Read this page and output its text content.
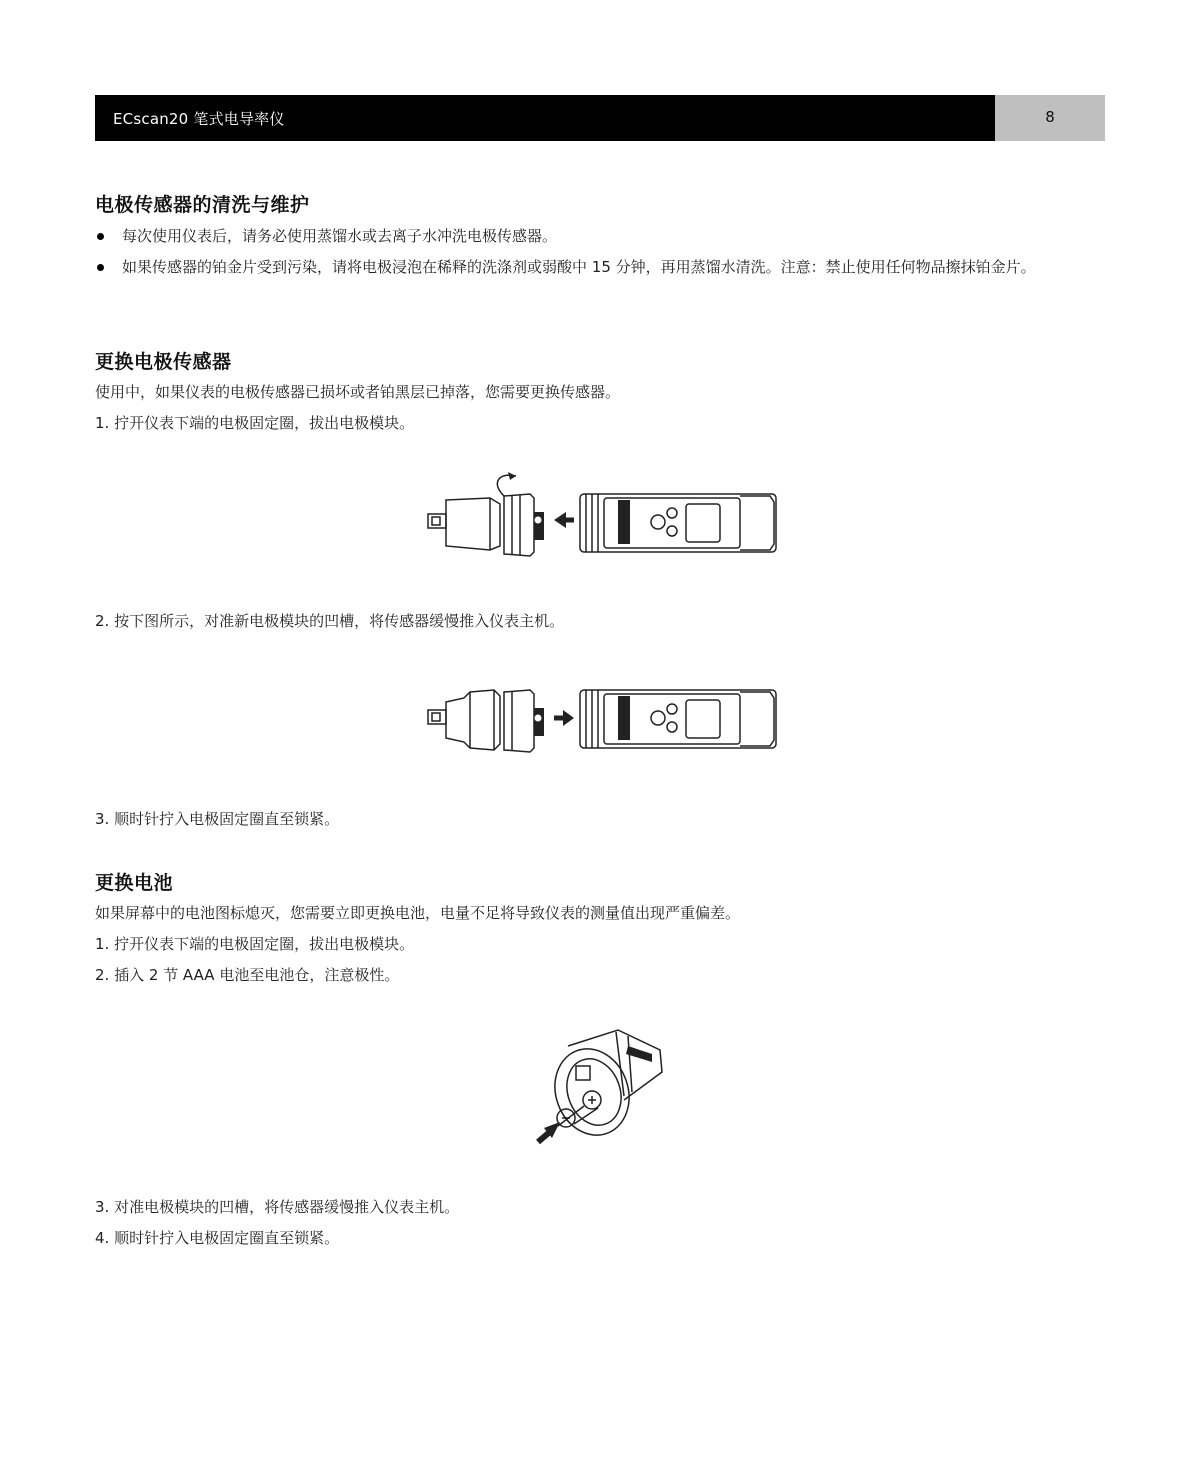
ECscan20 笔式电导率仪	8
电极传感器的清洗与维护
每次使用仪表后，请务必使用蒸馏水或去离子水冲洗电极传感器。
如果传感器的铂金片受到污染，请将电极浸泡在稀释的洗涤剂或弱酸中 15 分钟，再用蒸馏水清洗。注意：禁止使用任何物品擦抹铂金片。
更换电极传感器
使用中，如果仪表的电极传感器已损坏或者铂黑层已掉落，您需要更换传感器。
1. 拧开仪表下端的电极固定圈，拔出电极模块。
2. 按下图所示，对准新电极模块的凹槽，将传感器缓慢推入仪表主机。
3. 顺时针拧入电极固定圈直至锁紧。
更换电池
如果屏幕中的电池图标熄灭，您需要立即更换电池，电量不足将导致仪表的测量值出现严重偏差。
1. 拧开仪表下端的电极固定圈，拔出电极模块。
2. 插入 2 节 AAA 电池至电池仓，注意极性。
3. 对准电极模块的凹槽，将传感器缓慢推入仪表主机。
4. 顺时针拧入电极固定圈直至锁紧。
